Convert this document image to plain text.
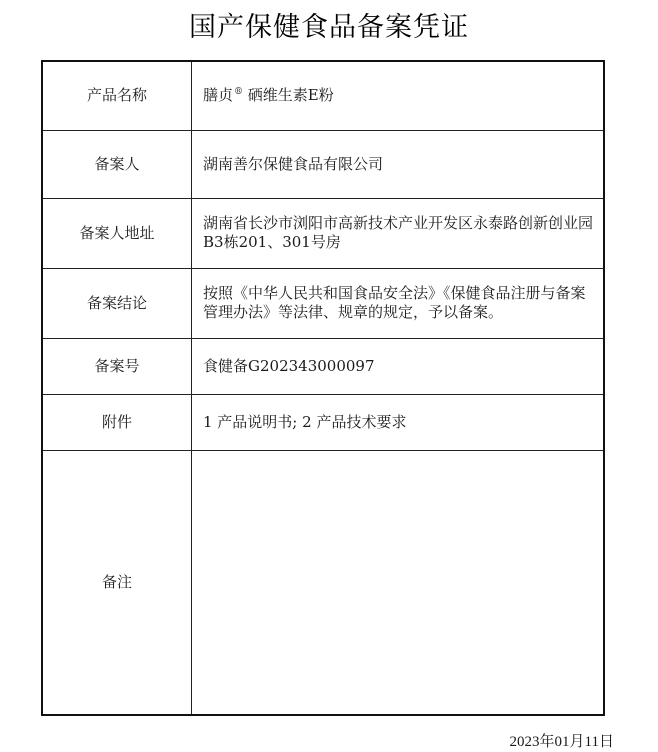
国产保健食品备案凭证
产品名称	膳贞® 硒维生素E粉
备案人	湖南善尔保健食品有限公司
备案人地址	湖南省长沙市浏阳市高新技术产业开发区永泰路创新创业园B3栋201、301号房
备案结论	按照《中华人民共和国食品安全法》《保健食品注册与备案管理办法》等法律、规章的规定，予以备案。
备案号	食健备G202343000097
附件	1 产品说明书; 2 产品技术要求
备注	
2023年01月11日
